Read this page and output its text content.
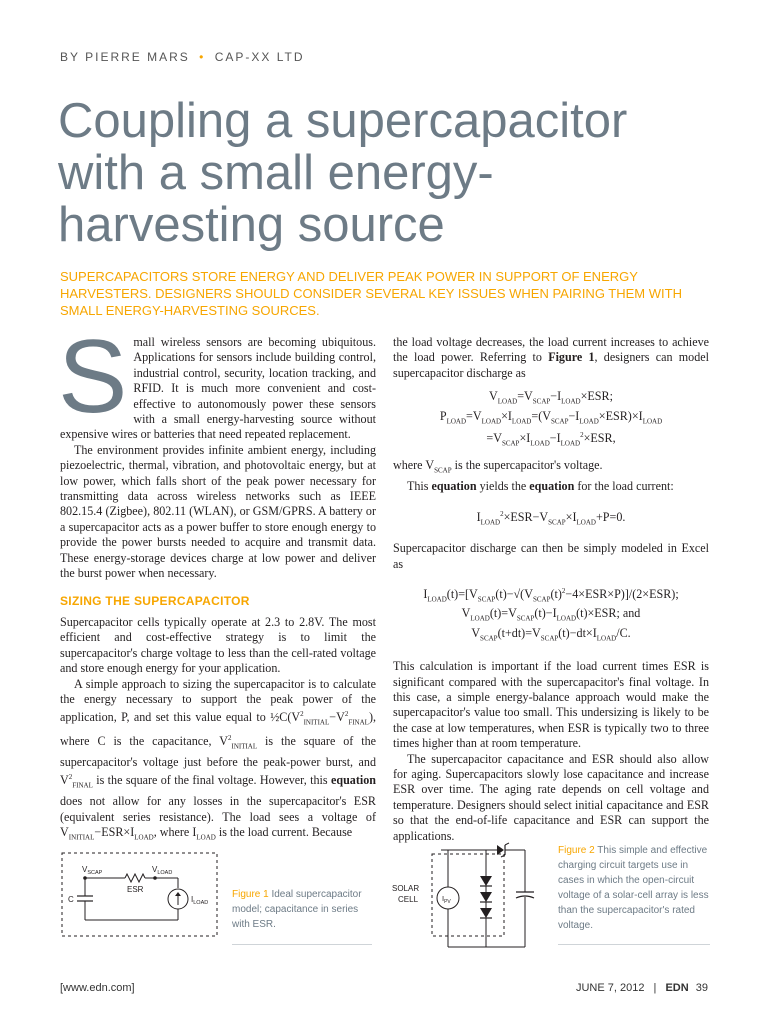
BY PIERRE MARS • CAP-XX LTD
Coupling a supercapacitor with a small energy-harvesting source

SUPERCAPACITORS STORE ENERGY AND DELIVER PEAK POWER IN SUPPORT OF ENERGY HARVESTERS. DESIGNERS SHOULD CONSIDER SEVERAL KEY ISSUES WHEN PAIRING THEM WITH SMALL ENERGY-HARVESTING SOURCES.

S mall wireless sensors are becoming ubiquitous. Applications for sensors include building control, industrial control, security, location tracking, and RFID. It is much more convenient and cost-effective to autonomously power these sensors with a small energy-harvesting source without expensive wires or batteries that need repeated replacement.

The environment provides infinite ambient energy, including piezoelectric, thermal, vibration, and photovoltaic energy, but at low power, which falls short of the peak power necessary for transmitting data across wireless networks such as IEEE 802.15.4 (Zigbee), 802.11 (WLAN), or GSM/GPRS. A battery or a supercapacitor acts as a power buffer to store enough energy to provide the power bursts needed to acquire and transmit data. These energy-storage devices charge at low power and deliver the burst power when necessary.

SIZING THE SUPERCAPACITOR

Supercapacitor cells typically operate at 2.3 to 2.8V. The most efficient and cost-effective strategy is to limit the supercapacitor's charge voltage to less than the cell-rated voltage and store enough energy for your application.

A simple approach to sizing the supercapacitor is to calculate the energy necessary to support the peak power of the application, P, and set this value equal to $\frac{1}{2}C(V^2_{INITIAL}-V^2_{FINAL})$, where C is the capacitance, $V^2_{INITIAL}$ is the square of the supercapacitor's voltage just before the peak-power burst, and $V^2_{FINAL}$ is the square of the final voltage. However, this equation does not allow for any losses in the supercapacitor's ESR (equivalent series resistance). The load sees a voltage of $V_{INITIAL}-ESR\times I_{LOAD}$, where $I_{LOAD}$ is the load current. Because

the load voltage decreases, the load current increases to achieve the load power. Referring to Figure 1, designers can model supercapacitor discharge as

$V_{LOAD}=V_{SCAP}-I_{LOAD}\times ESR$;
$P_{LOAD}=V_{LOAD}\times I_{LOAD}=(V_{SCAP}-I_{LOAD}\times ESR)\times I_{LOAD}$
$=V_{SCAP}\times I_{LOAD}-I_{LOAD}^2\times ESR$,

where $V_{SCAP}$ is the supercapacitor's voltage.

This equation yields the equation for the load current:

$I_{LOAD}^2\times ESR-V_{SCAP}\times I_{LOAD}+P=0$.

Supercapacitor discharge can then be simply modeled in Excel as

$I_{LOAD}(t)=[V_{SCAP}(t)-√(V_{SCAP}(t)^2-4\times ESR\times P)]/(2\times ESR)$;
$V_{LOAD}(t)=V_{SCAP}(t)-I_{LOAD}(t)\times ESR$; and
$V_{SCAP}(t+dt)=V_{SCAP}(t)-dt\times I_{LOAD}/C$.

This calculation is important if the load current times ESR is significant compared with the supercapacitor's final voltage. In this case, a simple energy-balance approach would make the supercapacitor's value too small. This undersizing is likely to be the case at low temperatures, when ESR is typically two to three times higher than at room temperature.

The supercapacitor capacitance and ESR should also allow for aging. Supercapacitors slowly lose capacitance and increase ESR over time. The aging rate depends on cell voltage and temperature. Designers should select initial capacitance and ESR so that the end-of-life capacitance and ESR can support the applications.

$V_{SCAP}$	$V_{LOAD}$
ESR
C	$I_{LOAD}$
Figure 1 Ideal supercapacitor model; capacitance in series with ESR.
SOLAR
CELL	$I_{PV}$
Figure 2 This simple and effective charging circuit targets use in cases in which the open-circuit voltage of a solar-cell array is less than the supercapacitor's rated voltage.
[www.edn.com]	JUNE 7, 2012 | EDN 39
